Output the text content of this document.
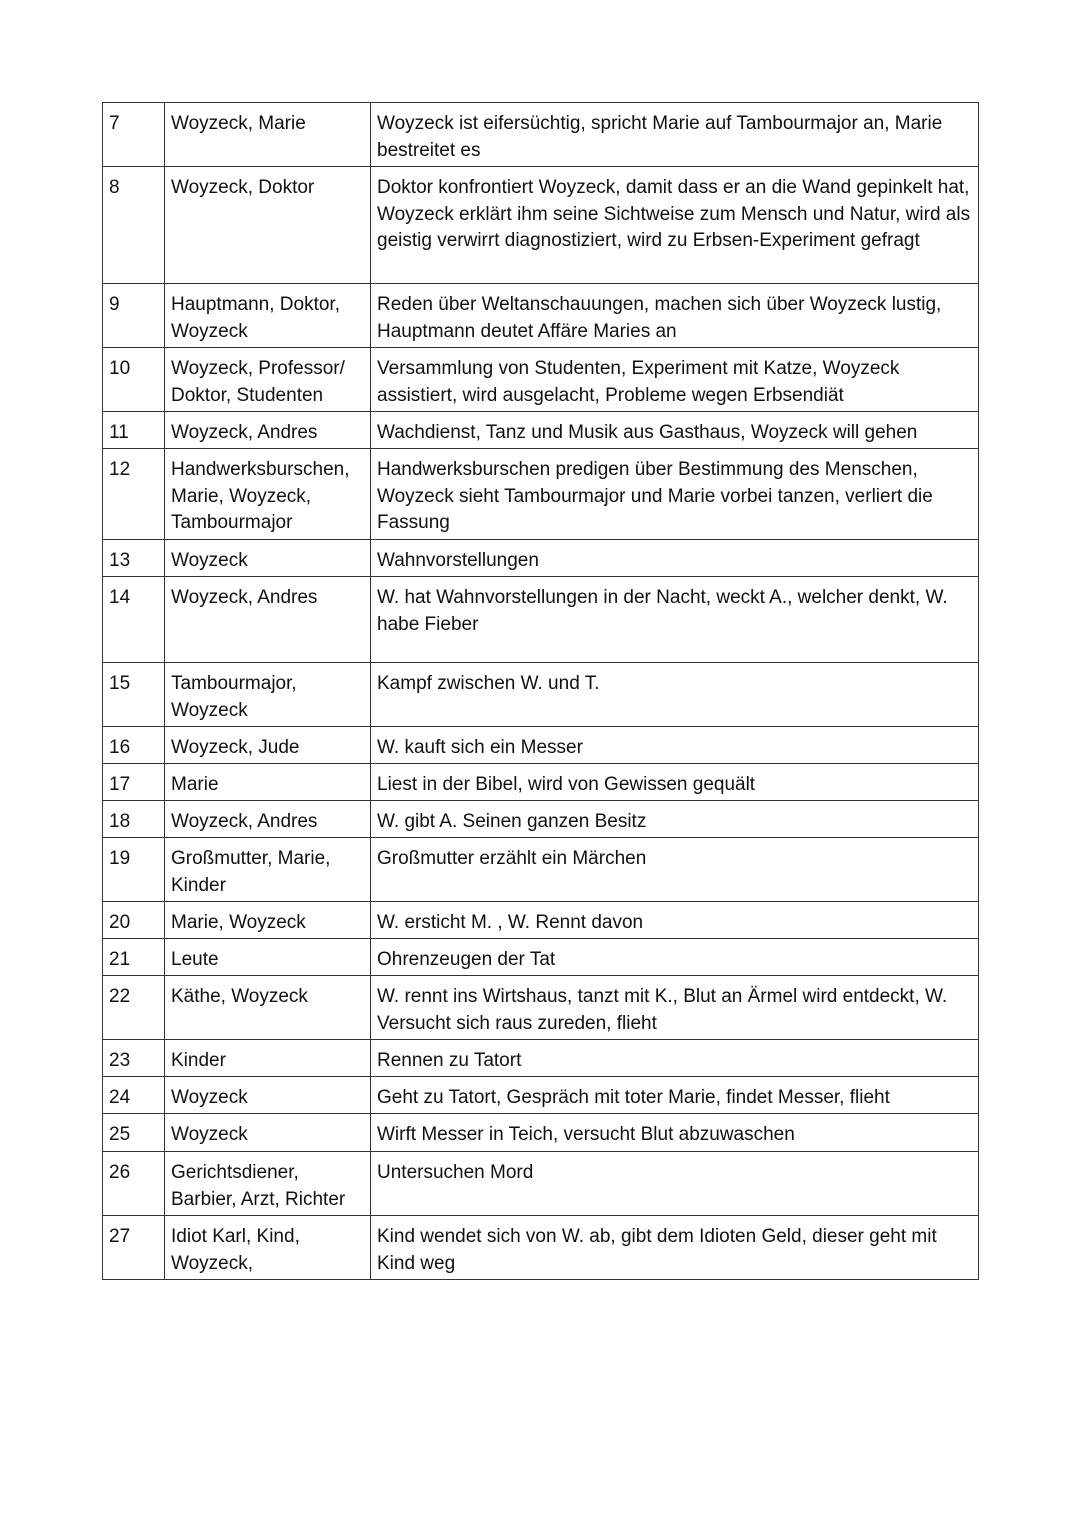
7	Woyzeck, Marie	Woyzeck ist eifersüchtig, spricht Marie auf Tambourmajor an, Marie bestreitet es
8	Woyzeck, Doktor	Doktor konfrontiert Woyzeck, damit dass er an die Wand gepinkelt hat, Woyzeck erklärt ihm seine Sichtweise zum Mensch und Natur, wird als geistig verwirrt diagnostiziert, wird zu Erbsen-Experiment gefragt
9	Hauptmann, Doktor, Woyzeck	Reden über Weltanschauungen, machen sich über Woyzeck lustig, Hauptmann deutet Affäre Maries an
10	Woyzeck, Professor/ Doktor, Studenten	Versammlung von Studenten, Experiment mit Katze, Woyzeck assistiert, wird ausgelacht, Probleme wegen Erbsendiät
11	Woyzeck, Andres	Wachdienst, Tanz und Musik aus Gasthaus, Woyzeck will gehen
12	Handwerksburschen, Marie, Woyzeck, Tambourmajor	Handwerksburschen predigen über Bestimmung des Menschen, Woyzeck sieht Tambourmajor und Marie vorbei tanzen, verliert die Fassung
13	Woyzeck	Wahnvorstellungen
14	Woyzeck, Andres	W. hat Wahnvorstellungen in der Nacht, weckt A., welcher denkt, W. habe Fieber
15	Tambourmajor, Woyzeck	Kampf zwischen W. und T.
16	Woyzeck, Jude	W. kauft sich ein Messer
17	Marie	Liest in der Bibel, wird von Gewissen gequält
18	Woyzeck, Andres	W. gibt A. Seinen ganzen Besitz
19	Großmutter, Marie, Kinder	Großmutter erzählt ein Märchen
20	Marie, Woyzeck	W. ersticht M. , W. Rennt davon
21	Leute	Ohrenzeugen der Tat
22	Käthe, Woyzeck	W. rennt ins Wirtshaus, tanzt mit K., Blut an Ärmel wird entdeckt, W. Versucht sich raus zureden, flieht
23	Kinder	Rennen zu Tatort
24	Woyzeck	Geht zu Tatort, Gespräch mit toter Marie, findet Messer, flieht
25	Woyzeck	Wirft Messer in Teich, versucht Blut abzuwaschen
26	Gerichtsdiener, Barbier, Arzt, Richter	Untersuchen Mord
27	Idiot Karl, Kind, Woyzeck,	Kind wendet sich von W. ab, gibt dem Idioten Geld, dieser geht mit Kind weg
